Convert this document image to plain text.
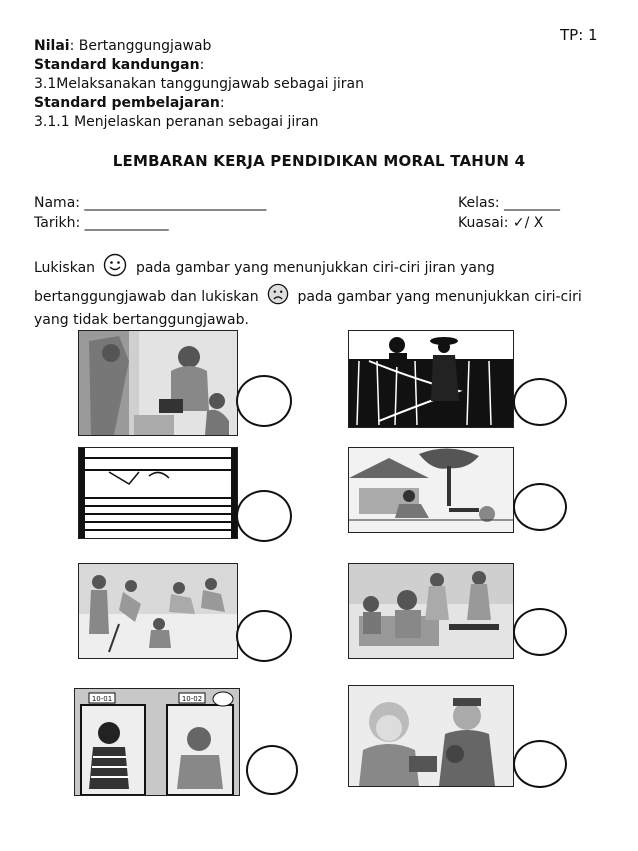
TP: 1
Nilai: Bertanggungjawab
Standard kandungan:
3.1Melaksanakan tanggungjawab sebagai jiran
Standard pembelajaran:
3.1.1 Menjelaskan peranan sebagai jiran
LEMBARAN KERJA PENDIDIKAN MORAL TAHUN 4
Nama: __________________________
Tarikh: ____________
Kelas: ________
Kuasai: ✓/ X
Lukiskan	pada gambar yang menunjukkan ciri-ciri jiran yang bertanggungjawab dan lukiskan	pada gambar yang menunjukkan ciri-ciri yang tidak bertanggungjawab.
10-01	10-02
